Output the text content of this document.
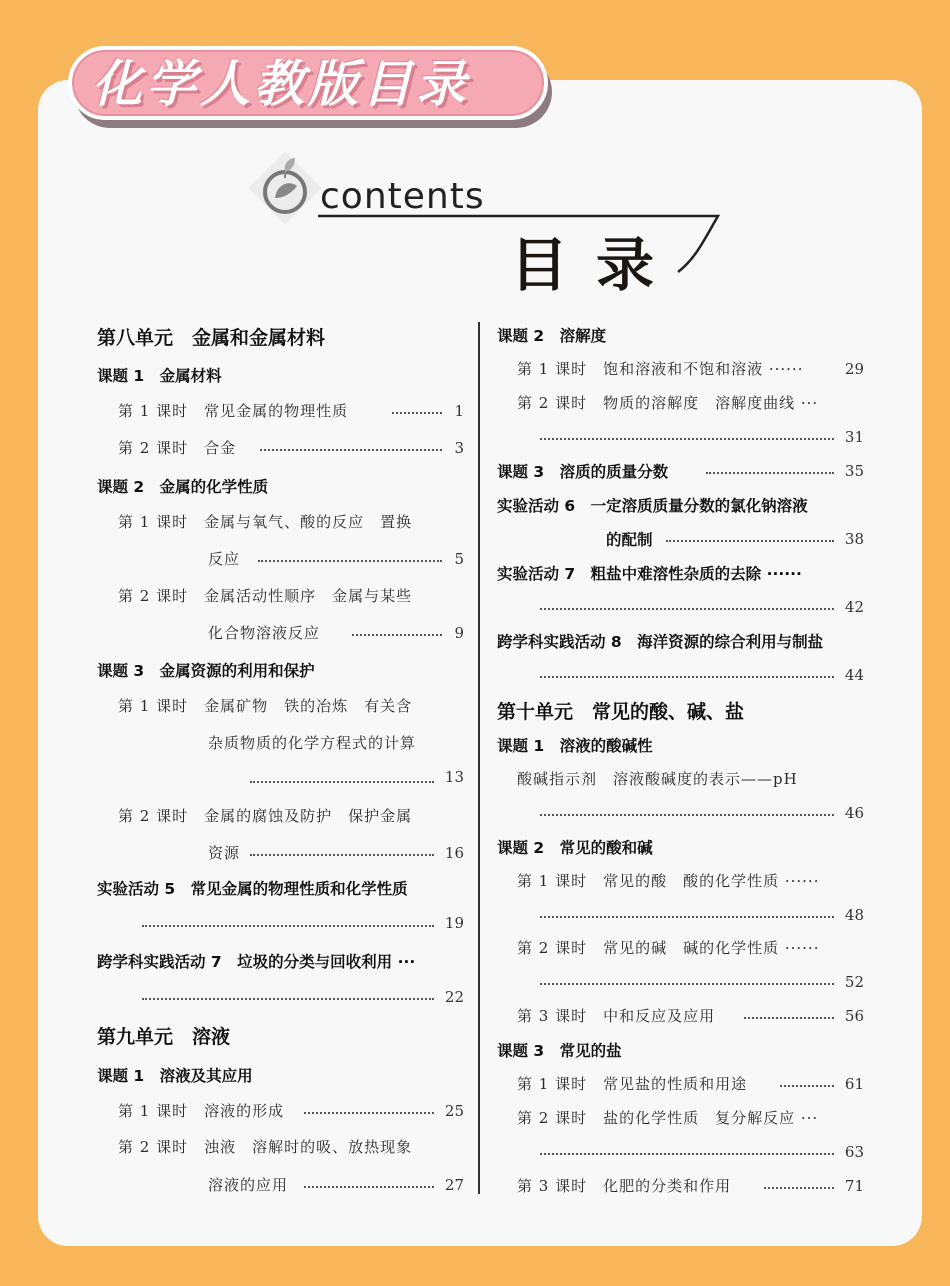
化学人教版目录
contents
目录
第八单元　金属和金属材料
课题 1　金属材料
第 1 课时　常见金属的物理性质	1
第 2 课时　合金	3
课题 2　金属的化学性质
第 1 课时　金属与氧气、酸的反应　置换
反应	5
第 2 课时　金属活动性顺序　金属与某些
化合物溶液反应	9
课题 3　金属资源的利用和保护
第 1 课时　金属矿物　铁的冶炼　有关含
杂质物质的化学方程式的计算
13
第 2 课时　金属的腐蚀及防护　保护金属
资源	16
实验活动 5　常见金属的物理性质和化学性质
19
跨学科实践活动 7　垃圾的分类与回收利用 ···
22
第九单元　溶液
课题 1　溶液及其应用
第 1 课时　溶液的形成	25
第 2 课时　浊液　溶解时的吸、放热现象
溶液的应用	27
课题 2　溶解度
第 1 课时　饱和溶液和不饱和溶液 ······	29
第 2 课时　物质的溶解度　溶解度曲线 ···
31
课题 3　溶质的质量分数	35
实验活动 6　一定溶质质量分数的氯化钠溶液
的配制	38
实验活动 7　粗盐中难溶性杂质的去除 ······
42
跨学科实践活动 8　海洋资源的综合利用与制盐
44
第十单元　常见的酸、碱、盐
课题 1　溶液的酸碱性
酸碱指示剂　溶液酸碱度的表示——pH
46
课题 2　常见的酸和碱
第 1 课时　常见的酸　酸的化学性质 ······
48
第 2 课时　常见的碱　碱的化学性质 ······
52
第 3 课时　中和反应及应用	56
课题 3　常见的盐
第 1 课时　常见盐的性质和用途	61
第 2 课时　盐的化学性质　复分解反应 ···
63
第 3 课时　化肥的分类和作用	71
